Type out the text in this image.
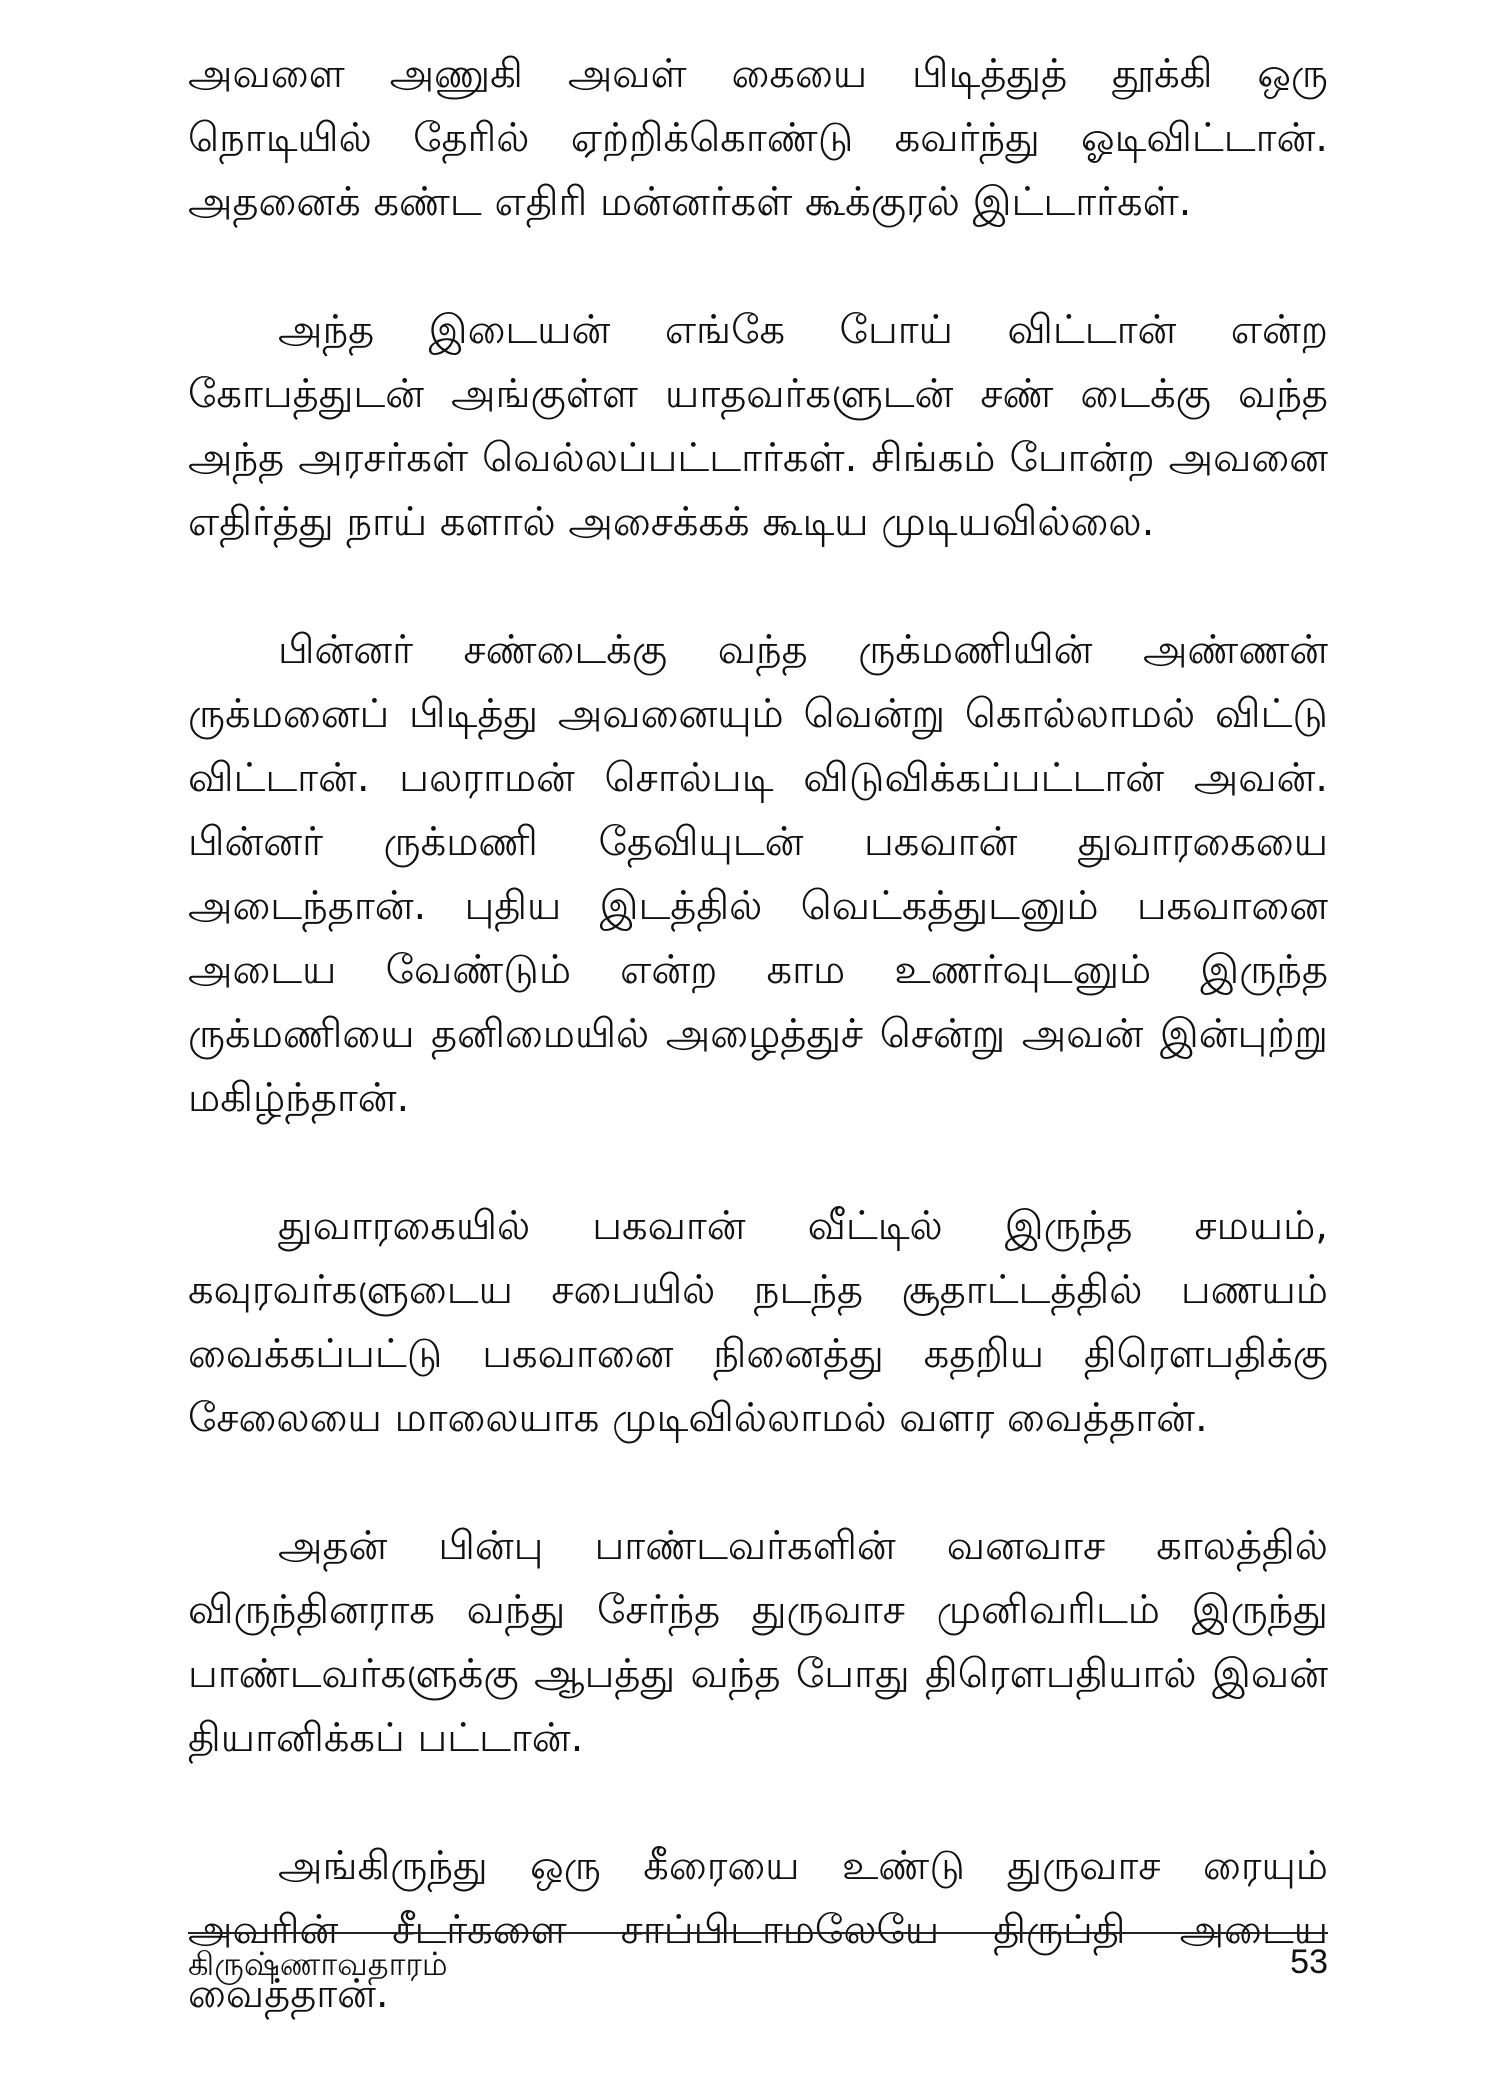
அவளை அணுகி அவள் கையை பிடித்துத் தூக்கி ஒரு நொடியில் தேரில் ஏற்றிக்கொண்டு கவர்ந்து ஓடிவிட்டான். அதனைக் கண்ட எதிரி மன்னர்கள் கூக்குரல் இட்டார்கள்.

அந்த இடையன் எங்கே போய் விட்டான் என்ற கோபத்துடன் அங்குள்ள யாதவர்களுடன் சண் டைக்கு வந்த அந்த அரசர்கள் வெல்லப்பட்டார்கள். சிங்கம் போன்ற அவனை எதிர்த்து நாய் களால் அசைக்கக் கூடிய முடியவில்லை.

பின்னர் சண்டைக்கு வந்த ருக்மணியின் அண்ணன் ருக்மனைப் பிடித்து அவனையும் வென்று கொல்லாமல் விட்டு விட்டான். பலராமன் சொல்படி விடுவிக்கப்பட்டான் அவன். பின்னர் ருக்மணி தேவியுடன் பகவான் துவாரகையை அடைந்தான். புதிய இடத்தில் வெட்கத்துடனும் பகவானை அடைய வேண்டும் என்ற காம உணர்வுடனும் இருந்த ருக்மணியை தனிமையில் அழைத்துச் சென்று அவன் இன்புற்று மகிழ்ந்தான்.

துவாரகையில் பகவான் வீட்டில் இருந்த சமயம், கவுரவர்களுடைய சபையில் நடந்த சூதாட்டத்தில் பணயம் வைக்கப்பட்டு பகவானை நினைத்து கதறிய திரௌபதிக்கு சேலையை மாலையாக முடிவில்லாமல் வளர வைத்தான்.

அதன் பின்பு பாண்டவர்களின் வனவாச காலத்தில் விருந்தினராக வந்து சேர்ந்த துருவாச முனிவரிடம் இருந்து பாண்டவர்களுக்கு ஆபத்து வந்த போது திரௌபதியால் இவன் தியானிக்கப் பட்டான்.

அங்கிருந்து ஒரு கீரையை உண்டு துருவாச ரையும் அவரின் சீடர்களை சாப்பிடாமலேயே திருப்தி அடைய வைத்தான்.

கிருஷ்ணாவதாரம்	53
